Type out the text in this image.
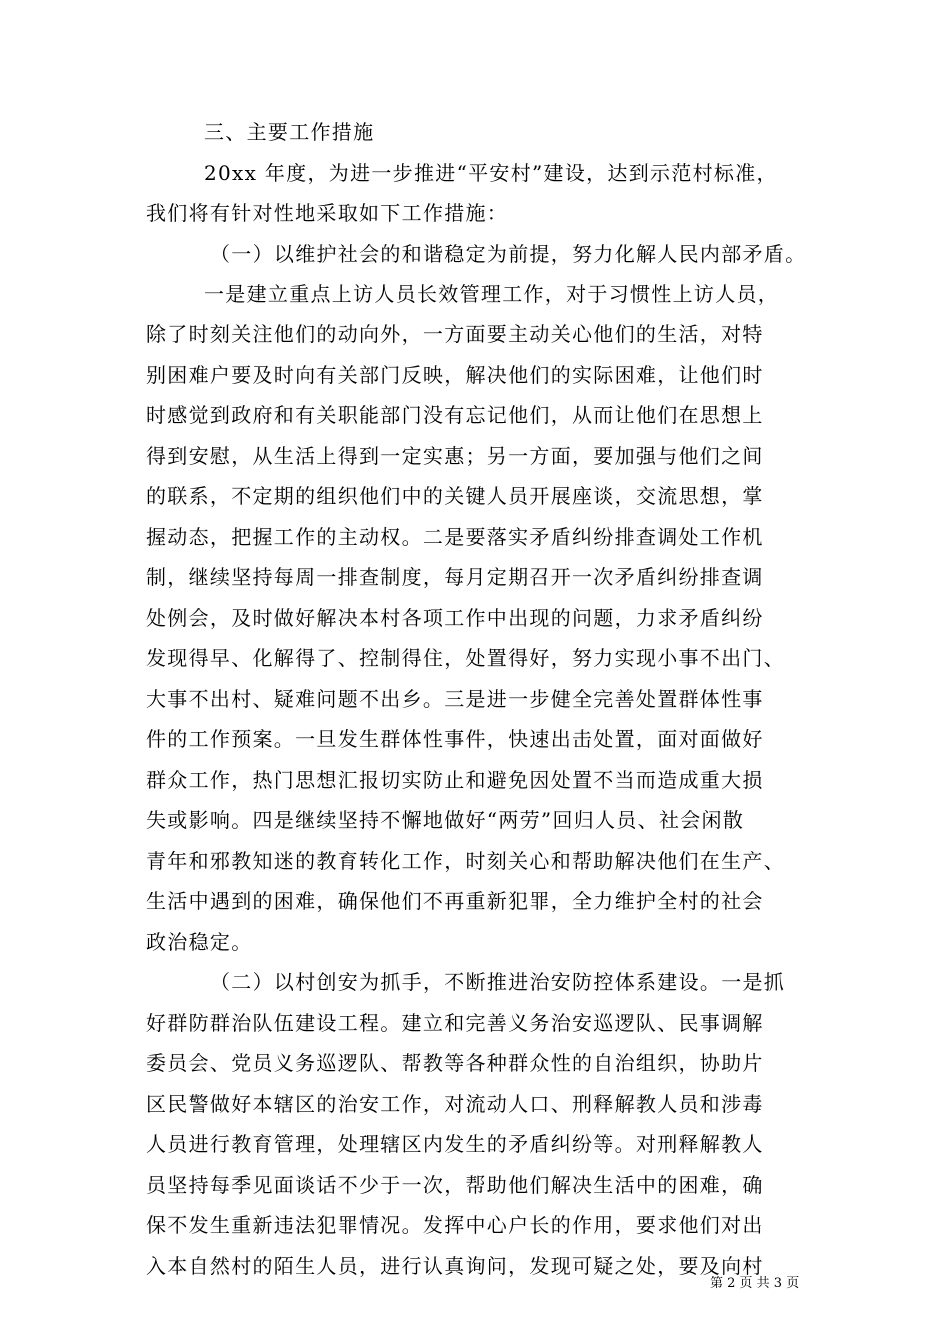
三、主要工作措施
20xx 年度，为进一步推进“平安村”建设，达到示范村标准，
我们将有针对性地采取如下工作措施：
（一）以维护社会的和谐稳定为前提，努力化解人民内部矛盾。
一是建立重点上访人员长效管理工作，对于习惯性上访人员，
除了时刻关注他们的动向外，一方面要主动关心他们的生活，对特
别困难户要及时向有关部门反映，解决他们的实际困难，让他们时
时感觉到政府和有关职能部门没有忘记他们，从而让他们在思想上
得到安慰，从生活上得到一定实惠；另一方面，要加强与他们之间
的联系，不定期的组织他们中的关键人员开展座谈，交流思想，掌
握动态，把握工作的主动权。二是要落实矛盾纠纷排查调处工作机
制，继续坚持每周一排查制度，每月定期召开一次矛盾纠纷排查调
处例会，及时做好解决本村各项工作中出现的问题，力求矛盾纠纷
发现得早、化解得了、控制得住，处置得好，努力实现小事不出门、
大事不出村、疑难问题不出乡。三是进一步健全完善处置群体性事
件的工作预案。一旦发生群体性事件，快速出击处置，面对面做好
群众工作，热门思想汇报切实防止和避免因处置不当而造成重大损
失或影响。四是继续坚持不懈地做好“两劳”回归人员、社会闲散
青年和邪教知迷的教育转化工作，时刻关心和帮助解决他们在生产、
生活中遇到的困难，确保他们不再重新犯罪，全力维护全村的社会
政治稳定。
（二）以村创安为抓手，不断推进治安防控体系建设。一是抓
好群防群治队伍建设工程。建立和完善义务治安巡逻队、民事调解
委员会、党员义务巡逻队、帮教等各种群众性的自治组织，协助片
区民警做好本辖区的治安工作，对流动人口、刑释解教人员和涉毒
人员进行教育管理，处理辖区内发生的矛盾纠纷等。对刑释解教人
员坚持每季见面谈话不少于一次，帮助他们解决生活中的困难，确
保不发生重新违法犯罪情况。发挥中心户长的作用，要求他们对出
入本自然村的陌生人员，进行认真询问，发现可疑之处，要及向村
第 2 页 共 3 页
